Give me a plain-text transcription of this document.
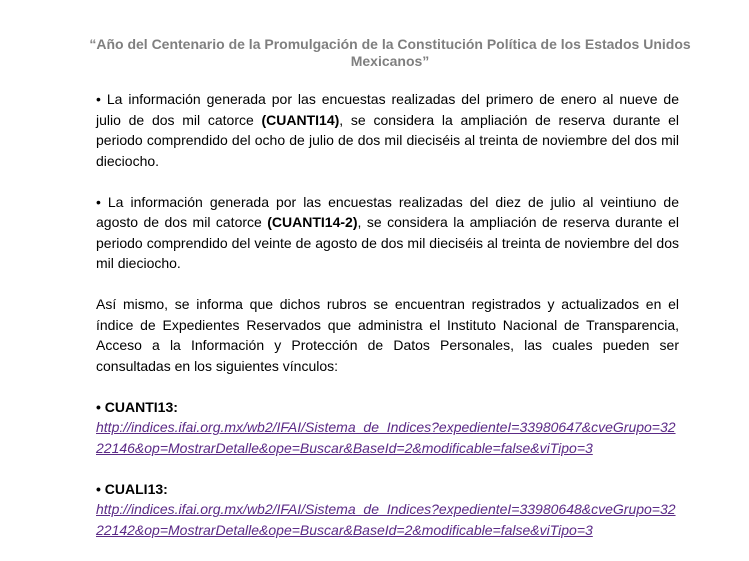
“Año del Centenario de la Promulgación de la Constitución Política de los Estados Unidos Mexicanos”

• La información generada por las encuestas realizadas del primero de enero al nueve de julio de dos mil catorce (CUANTI14), se considera la ampliación de reserva durante el periodo comprendido del ocho de julio de dos mil dieciséis al treinta de noviembre del dos mil dieciocho.

• La información generada por las encuestas realizadas del diez de julio al veintiuno de agosto de dos mil catorce (CUANTI14-2), se considera la ampliación de reserva durante el periodo comprendido del veinte de agosto de dos mil dieciséis al treinta de noviembre del dos mil dieciocho.

Así mismo, se informa que dichos rubros se encuentran registrados y actualizados en el índice de Expedientes Reservados que administra el Instituto Nacional de Transparencia, Acceso a la Información y Protección de Datos Personales, las cuales pueden ser consultadas en los siguientes vínculos:

• CUANTI13:

http://indices.ifai.org.mx/wb2/IFAI/Sistema_de_Indices?expedienteI=33980647&cveGrupo=3222146&op=MostrarDetalle&ope=Buscar&BaseId=2&modificable=false&viTipo=3

• CUALI13:

http://indices.ifai.org.mx/wb2/IFAI/Sistema_de_Indices?expedienteI=33980648&cveGrupo=3222142&op=MostrarDetalle&ope=Buscar&BaseId=2&modificable=false&viTipo=3
